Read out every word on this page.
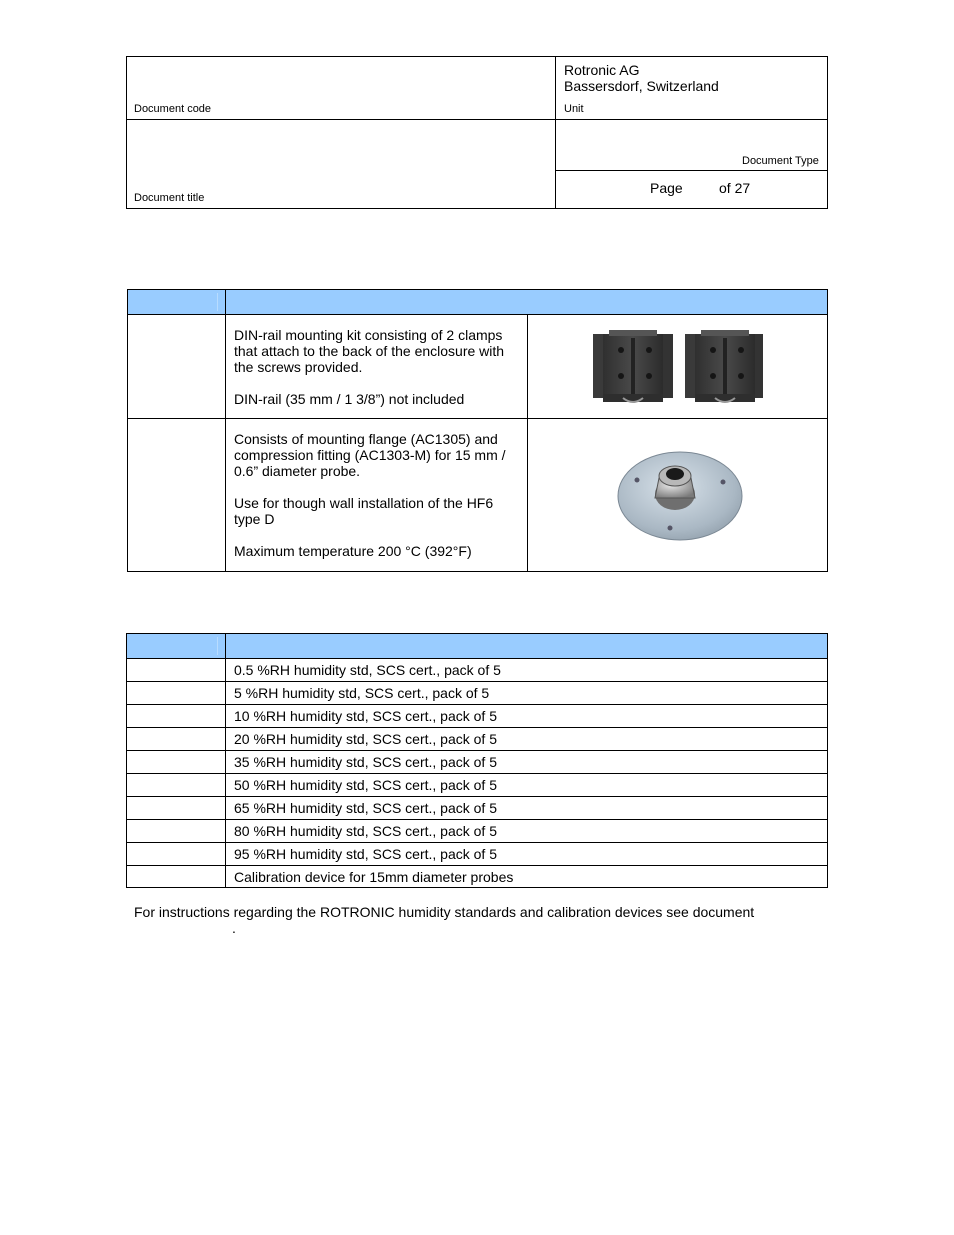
Document code
Rotronic AG
Bassersdorf, Switzerland
Unit
Document Type
Document title
Page	of 27

DIN-rail mounting kit consisting of 2 clamps that attach to the back of the enclosure with the screws provided.

DIN-rail (35 mm / 1 3/8”) not included

Consists of mounting flange (AC1305) and compression fitting (AC1303-M) for 15 mm / 0.6” diameter probe.

Use for though wall installation of the HF6 type D

Maximum temperature 200 °C (392°F)

0.5 %RH humidity std, SCS cert., pack of 5
5 %RH humidity std, SCS cert., pack of 5
10 %RH humidity std, SCS cert., pack of 5
20 %RH humidity std, SCS cert., pack of 5
35 %RH humidity std, SCS cert., pack of 5
50 %RH humidity std, SCS cert., pack of 5
65 %RH humidity std, SCS cert., pack of 5
80 %RH humidity std, SCS cert., pack of 5
95 %RH humidity std, SCS cert., pack of 5
Calibration device for 15mm diameter probes
For instructions regarding the ROTRONIC humidity standards and calibration devices see document
.
